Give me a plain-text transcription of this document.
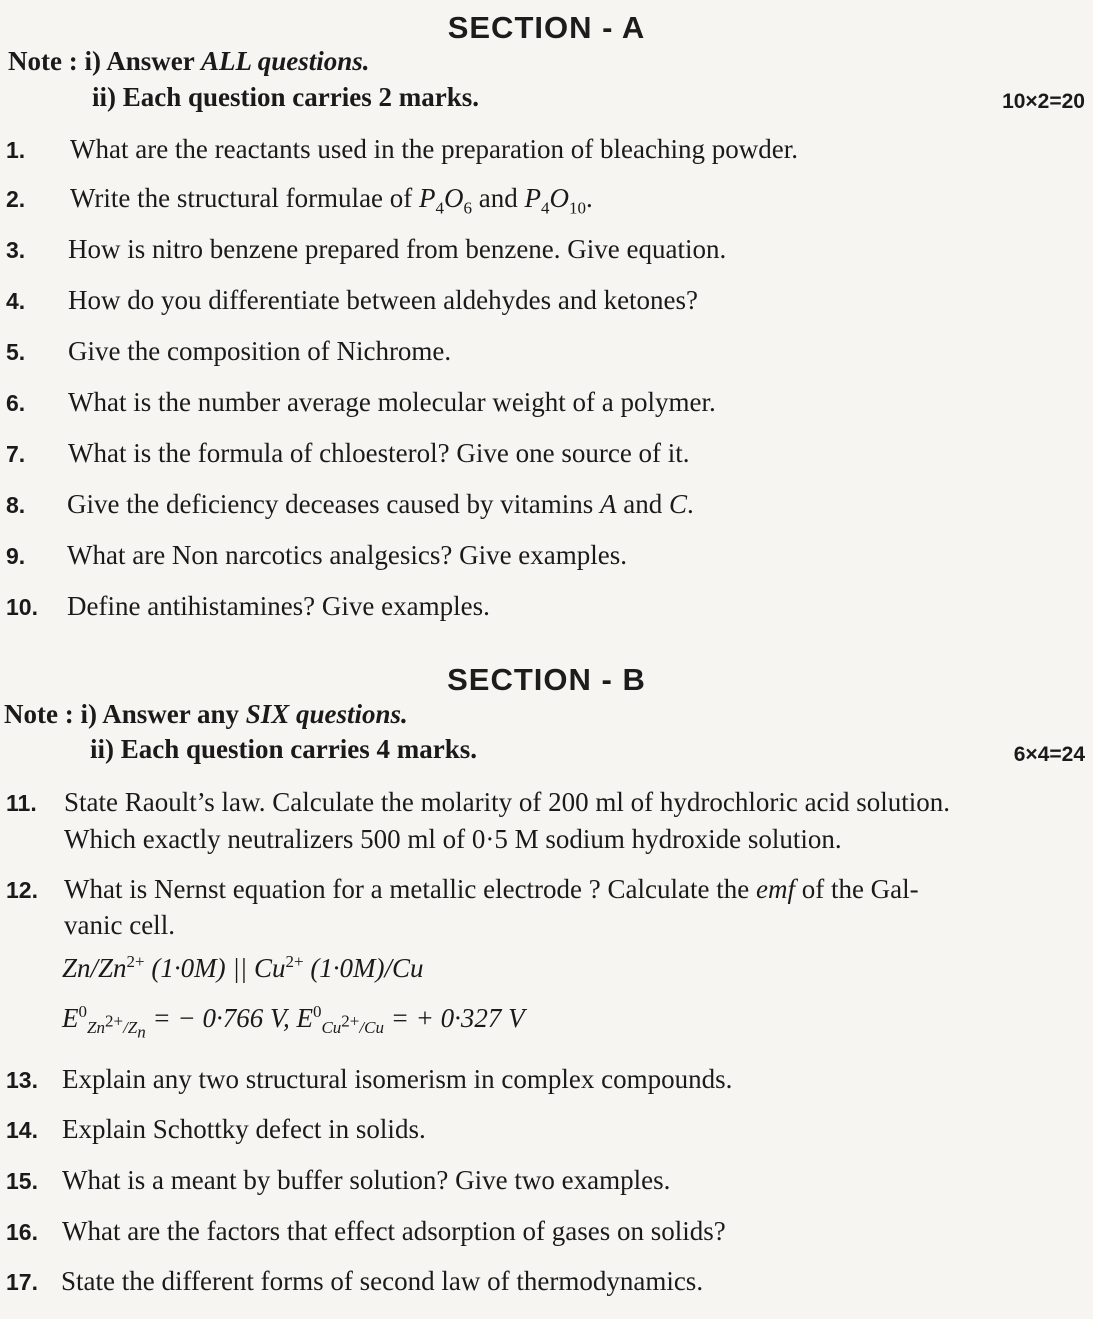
SECTION - A
Note : i) Answer ALL questions.
ii) Each question carries 2 marks.	10×2=20
1. What are the reactants used in the preparation of bleaching powder.
2. Write the structural formulae of $P_4O_6$ and $P_4O_{10}$.
3. How is nitro benzene prepared from benzene. Give equation.
4. How do you differentiate between aldehydes and ketones?
5. Give the composition of Nichrome.
6. What is the number average molecular weight of a polymer.
7. What is the formula of chloesterol? Give one source of it.
8. Give the deficiency deceases caused by vitamins A and C.
9. What are Non narcotics analgesics? Give examples.
10. Define antihistamines? Give examples.
SECTION - B
Note : i) Answer any SIX questions.
ii) Each question carries 4 marks.	6×4=24
11. State Raoult’s law. Calculate the molarity of 200 ml of hydrochloric acid solution.
Which exactly neutralizers 500 ml of 0·5 M sodium hydroxide solution.
12. What is Nernst equation for a metallic electrode ? Calculate the emf of the Gal-
vanic cell.
$Zn/Zn^{2+}$ (1·0M) || $Cu^{2+}$ (1·0M)/Cu
$E^0_{Zn^{2+}/Z_n}$ = − 0·766 V, $E^0_{Cu^{2+}/Cu}$ = + 0·327 V
13. Explain any two structural isomerism in complex compounds.
14. Explain Schottky defect in solids.
15. What is a meant by buffer solution? Give two examples.
16. What are the factors that effect adsorption of gases on solids?
17. State the different forms of second law of thermodynamics.
